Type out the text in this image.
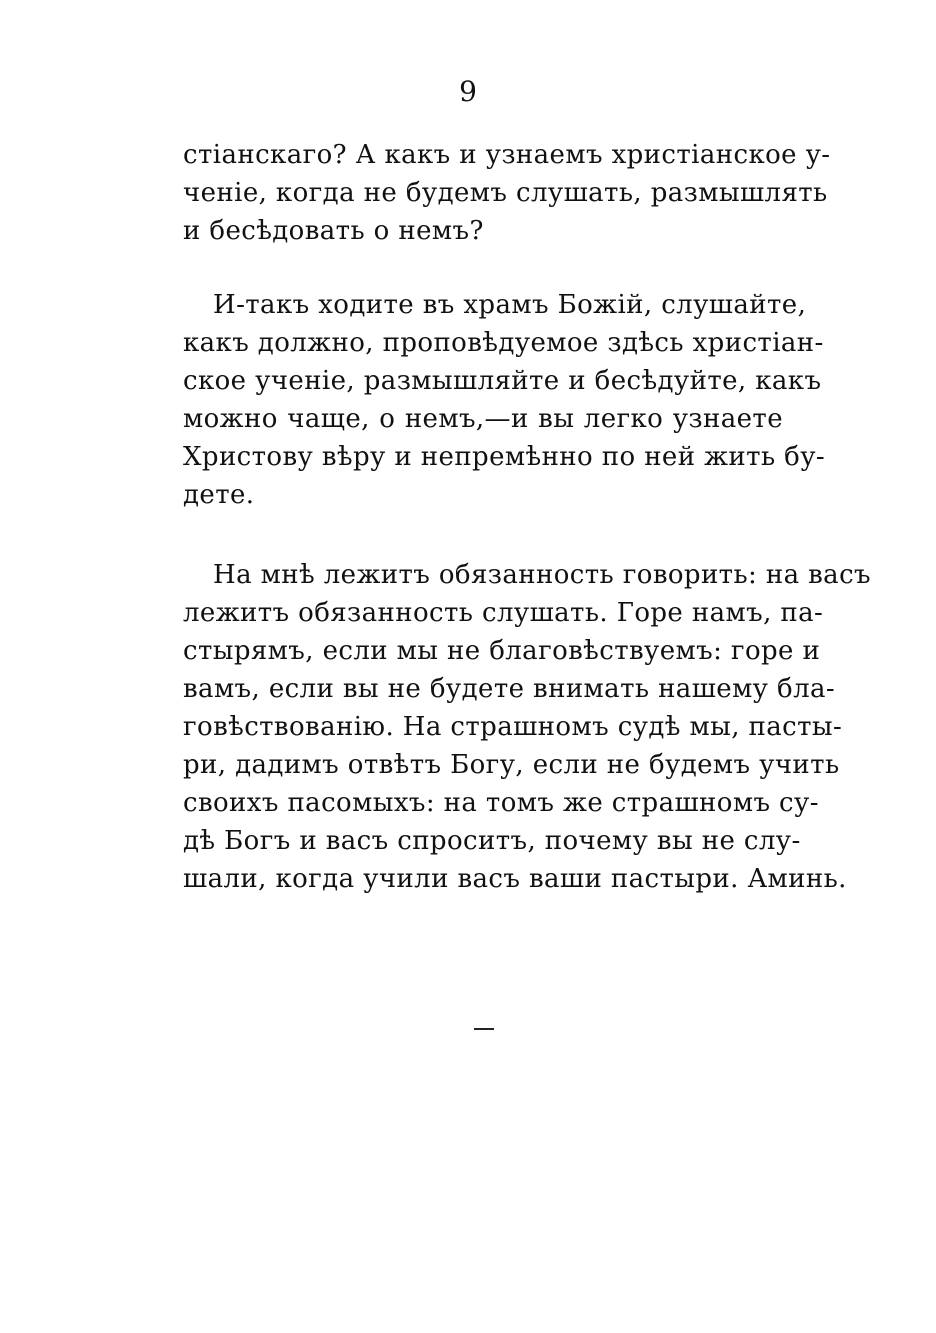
9
стіанскаго? А какъ и узнаемъ христіанское у-
ченіе, когда не будемъ слушать, размышлять
и бесѣдовать о немъ?
И-такъ ходите въ храмъ Божій, слушайте,
какъ должно, проповѣдуемое здѣсь христіан-
ское ученіе, размышляйте и бесѣдуйте, какъ
можно чаще, о немъ,—и вы легко узнаете
Христову вѣру и непремѣнно по ней жить бу-
дете.
На мнѣ лежитъ обязанность говорить: на васъ
лежитъ обязанность слушать. Горе намъ, па-
стырямъ, если мы не благовѣствуемъ: горе и
вамъ, если вы не будете внимать нашему бла-
говѣствованію. На страшномъ судѣ мы, пасты-
ри, дадимъ отвѣтъ Богу, если не будемъ учить
своихъ пасомыхъ: на томъ же страшномъ су-
дѣ Богъ и васъ спроситъ, почему вы не слу-
шали, когда учили васъ ваши пастыри. Аминь.
